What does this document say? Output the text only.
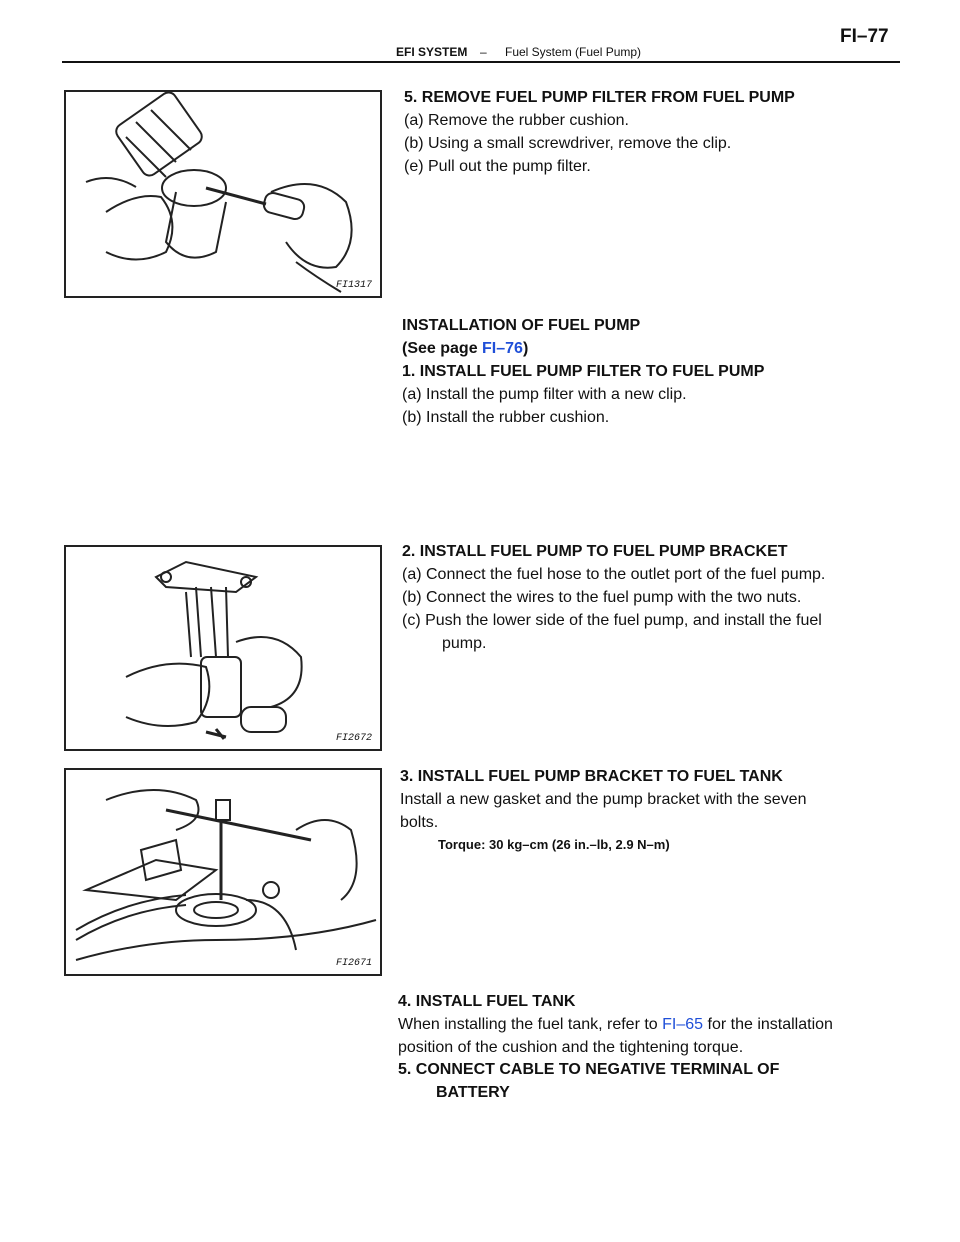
EFI SYSTEM – Fuel System (Fuel Pump)
FI–77
FI1317

5. REMOVE FUEL PUMP FILTER FROM FUEL PUMP

(a) Remove the rubber cushion.

(b) Using a small screwdriver, remove the clip.

(e) Pull out the pump filter.

INSTALLATION OF FUEL PUMP

(See page FI–76)

1. INSTALL FUEL PUMP FILTER TO FUEL PUMP

(a) Install the pump filter with a new clip.

(b) Install the rubber cushion.

FI2672

2. INSTALL FUEL PUMP TO FUEL PUMP BRACKET

(a) Connect the fuel hose to the outlet port of the fuel pump.

(b) Connect the wires to the fuel pump with the two nuts.

(c) Push the lower side of the fuel pump, and install the fuel

pump.

FI2671

3. INSTALL FUEL PUMP BRACKET TO FUEL TANK

Install a new gasket and the pump bracket with the seven

bolts.

Torque: 30 kg–cm (26 in.–lb, 2.9 N–m)

4. INSTALL FUEL TANK

When installing the fuel tank, refer to FI–65 for the installation

position of the cushion and the tightening torque.

5. CONNECT CABLE TO NEGATIVE TERMINAL OF

BATTERY
